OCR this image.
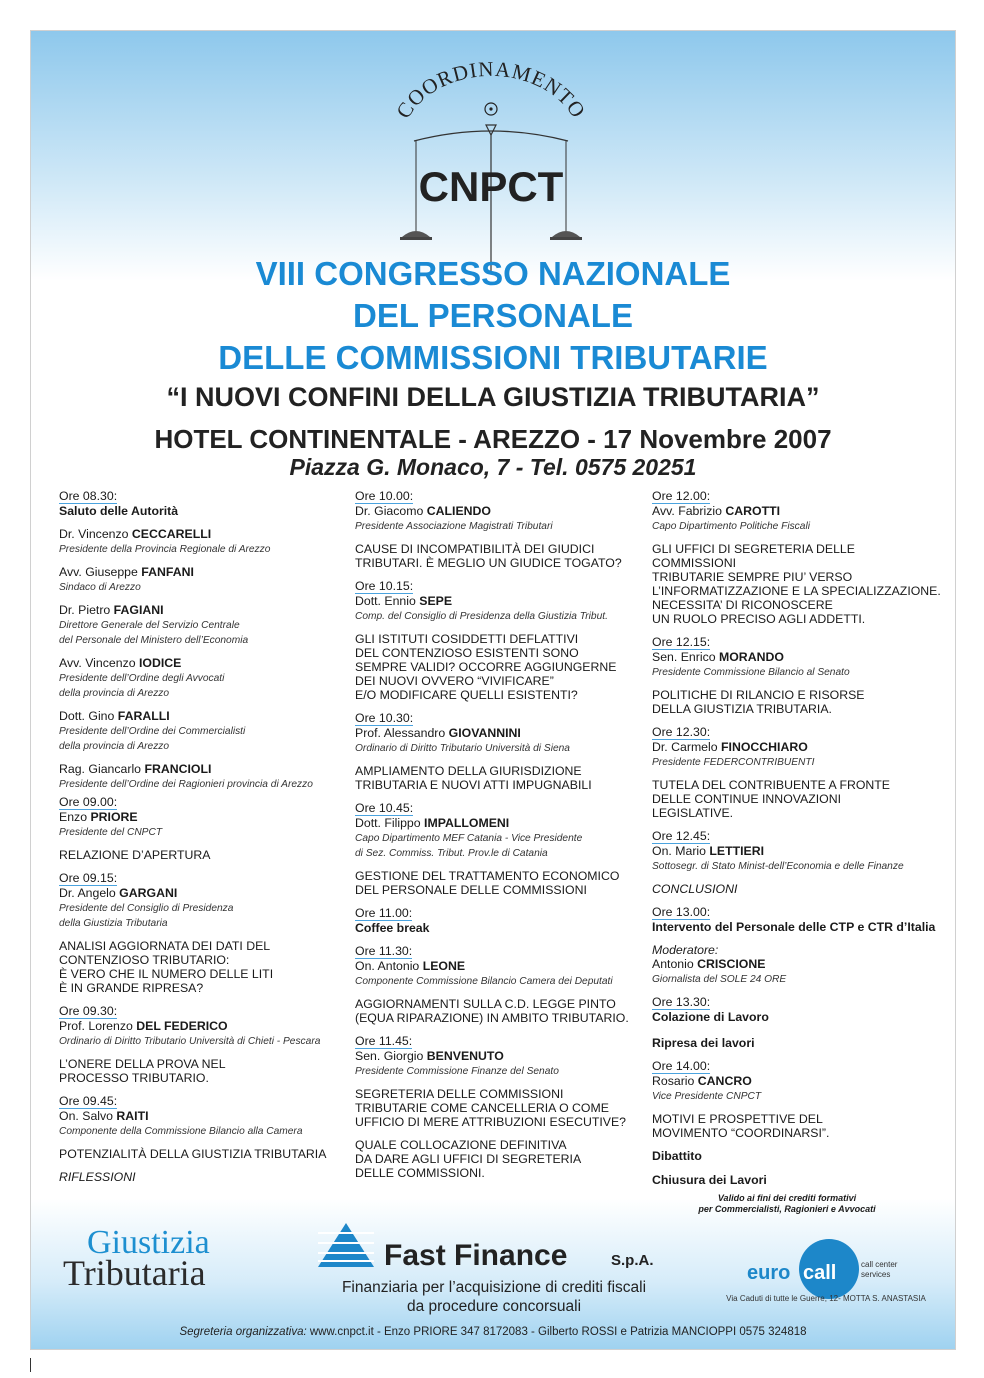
COORDINAMENTO
CNPCT
VIII CONGRESSO NAZIONALE
DEL PERSONALE
DELLE COMMISSIONI TRIBUTARIE
“I NUOVI CONFINI DELLA GIUSTIZIA TRIBUTARIA”
HOTEL CONTINENTALE - AREZZO - 17 Novembre 2007
Piazza G. Monaco, 7 - Tel. 0575 20251
Ore 08.30:
Saluto delle Autorità
Dr. Vincenzo CECCARELLI
Presidente della Provincia Regionale di Arezzo
Avv. Giuseppe FANFANI
Sindaco di Arezzo
Dr. Pietro FAGIANI
Direttore Generale del Servizio Centrale
del Personale del Ministero dell’Economia
Avv. Vincenzo IODICE
Presidente dell’Ordine degli Avvocati
della provincia di Arezzo
Dott. Gino FARALLI
Presidente dell’Ordine dei Commercialisti
della provincia di Arezzo
Rag. Giancarlo FRANCIOLI
Presidente dell’Ordine dei Ragionieri provincia di Arezzo
Ore 09.00:
Enzo PRIORE
Presidente del CNPCT
RELAZIONE D’APERTURA
Ore 09.15:
Dr. Angelo GARGANI
Presidente del Consiglio di Presidenza
della Giustizia Tributaria
ANALISI AGGIORNATA DEI DATI DEL
CONTENZIOSO TRIBUTARIO:
È VERO CHE IL NUMERO DELLE LITI
È IN GRANDE RIPRESA?
Ore 09.30:
Prof. Lorenzo DEL FEDERICO
Ordinario di Diritto Tributario Università di Chieti - Pescara
L’ONERE DELLA PROVA NEL
PROCESSO TRIBUTARIO.
Ore 09.45:
On. Salvo RAITI
Componente della Commissione Bilancio alla Camera
POTENZIALITÀ DELLA GIUSTIZIA TRIBUTARIA
RIFLESSIONI
Ore 10.00:
Dr. Giacomo CALIENDO
Presidente Associazione Magistrati Tributari
CAUSE DI INCOMPATIBILITÀ DEI GIUDICI
TRIBUTARI. È MEGLIO UN GIUDICE TOGATO?
Ore 10.15:
Dott. Ennio SEPE
Comp. del Consiglio di Presidenza della Giustizia Tribut.
GLI ISTITUTI COSIDDETTI DEFLATTIVI
DEL CONTENZIOSO ESISTENTI SONO
SEMPRE VALIDI? OCCORRE AGGIUNGERNE
DEI NUOVI OVVERO “VIVIFICARE”
E/O MODIFICARE QUELLI ESISTENTI?
Ore 10.30:
Prof. Alessandro GIOVANNINI
Ordinario di Diritto Tributario Università di Siena
AMPLIAMENTO DELLA GIURISDIZIONE
TRIBUTARIA E NUOVI ATTI IMPUGNABILI
Ore 10.45:
Dott. Filippo IMPALLOMENI
Capo Dipartimento MEF Catania - Vice Presidente
di Sez. Commiss. Tribut. Prov.le di Catania
GESTIONE DEL TRATTAMENTO ECONOMICO
DEL PERSONALE DELLE COMMISSIONI
Ore 11.00:
Coffee break
Ore 11.30:
On. Antonio LEONE
Componente Commissione Bilancio Camera dei Deputati
AGGIORNAMENTI SULLA C.D. LEGGE PINTO
(EQUA RIPARAZIONE) IN AMBITO TRIBUTARIO.
Ore 11.45:
Sen. Giorgio BENVENUTO
Presidente Commissione Finanze del Senato
SEGRETERIA DELLE COMMISSIONI
TRIBUTARIE COME CANCELLERIA O COME
UFFICIO DI MERE ATTRIBUZIONI ESECUTIVE?
QUALE COLLOCAZIONE DEFINITIVA
DA DARE AGLI UFFICI DI SEGRETERIA
DELLE COMMISSIONI.
Ore 12.00:
Avv. Fabrizio CAROTTI
Capo Dipartimento Politiche Fiscali
GLI UFFICI DI SEGRETERIA DELLE COMMISSIONI
TRIBUTARIE SEMPRE PIU’ VERSO
L’INFORMATIZZAZIONE E LA SPECIALIZZAZIONE.
NECESSITA’ DI RICONOSCERE
UN RUOLO PRECISO AGLI ADDETTI.
Ore 12.15:
Sen. Enrico MORANDO
Presidente Commissione Bilancio al Senato
POLITICHE DI RILANCIO E RISORSE
DELLA GIUSTIZIA TRIBUTARIA.
Ore 12.30:
Dr. Carmelo FINOCCHIARO
Presidente FEDERCONTRIBUENTI
TUTELA DEL CONTRIBUENTE A FRONTE
DELLE CONTINUE INNOVAZIONI
LEGISLATIVE.
Ore 12.45:
On. Mario LETTIERI
Sottosegr. di Stato Minist-dell’Economia e delle Finanze
CONCLUSIONI
Ore 13.00:
Intervento del Personale delle CTP e CTR d’Italia
Moderatore:
Antonio CRISCIONE
Giornalista del SOLE 24 ORE
Ore 13.30:
Colazione di Lavoro
Ripresa dei lavori
Ore 14.00:
Rosario CANCRO
Vice Presidente CNPCT
MOTIVI E PROSPETTIVE DEL
MOVIMENTO “COORDINARSI”.
Dibattito
Chiusura dei Lavori
Valido ai fini dei crediti formativi
per Commercialisti, Ragionieri e Avvocati
Giustizia
Tributaria	Fast Finance	S.p.A.
Finanziaria per l’acquisizione di crediti fiscali
da procedure concorsuali
euro call	call center
services
Via Caduti di tutte le Guerre, 12- MOTTA S. ANASTASIA
Segreteria organizzativa: www.cnpct.it - Enzo PRIORE 347 8172083 - Gilberto ROSSI e Patrizia MANCIOPPI 0575 324818
